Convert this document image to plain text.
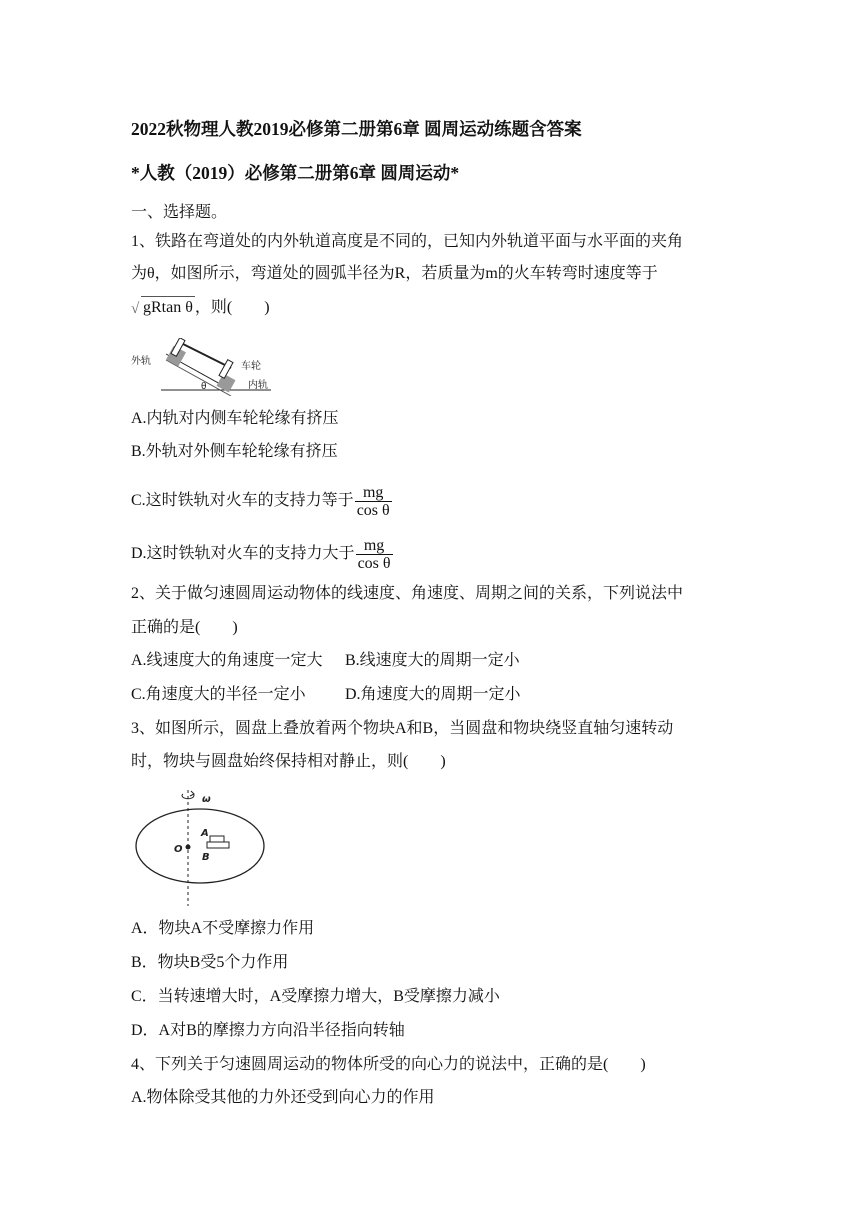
2022秋物理人教2019必修第二册第6章 圆周运动练题含答案
*人教（2019）必修第二册第6章 圆周运动*
一、选择题。
1、铁路在弯道处的内外轨道高度是不同的，已知内外轨道平面与水平面的夹角
为θ，如图所示，弯道处的圆弧半径为R，若质量为m的火车转弯时速度等于
√ gRtan θ ，则(　　)
外轨	车轮
内轨
θ
A.内轨对内侧车轮轮缘有挤压
B.外轨对外侧车轮轮缘有挤压
C.这时铁轨对火车的支持力等于 $\frac{mg}{\text{cos θ}}$
D.这时铁轨对火车的支持力大于 $\frac{mg}{\text{cos θ}}$
2、关于做匀速圆周运动物体的线速度、角速度、周期之间的关系，下列说法中
正确的是(　　)
A.线速度大的角速度一定大 B.线速度大的周期一定小
C.角速度大的半径一定小 D.角速度大的周期一定小
3、如图所示，圆盘上叠放着两个物块A和B，当圆盘和物块绕竖直轴匀速转动
时，物块与圆盘始终保持相对静止，则(　　)
ω
O
A
B
A．物块A不受摩擦力作用
B．物块B受5个力作用
C．当转速增大时，A受摩擦力增大，B受摩擦力减小
D．A对B的摩擦力方向沿半径指向转轴
4、下列关于匀速圆周运动的物体所受的向心力的说法中，正确的是(　　)
A.物体除受其他的力外还受到向心力的作用
